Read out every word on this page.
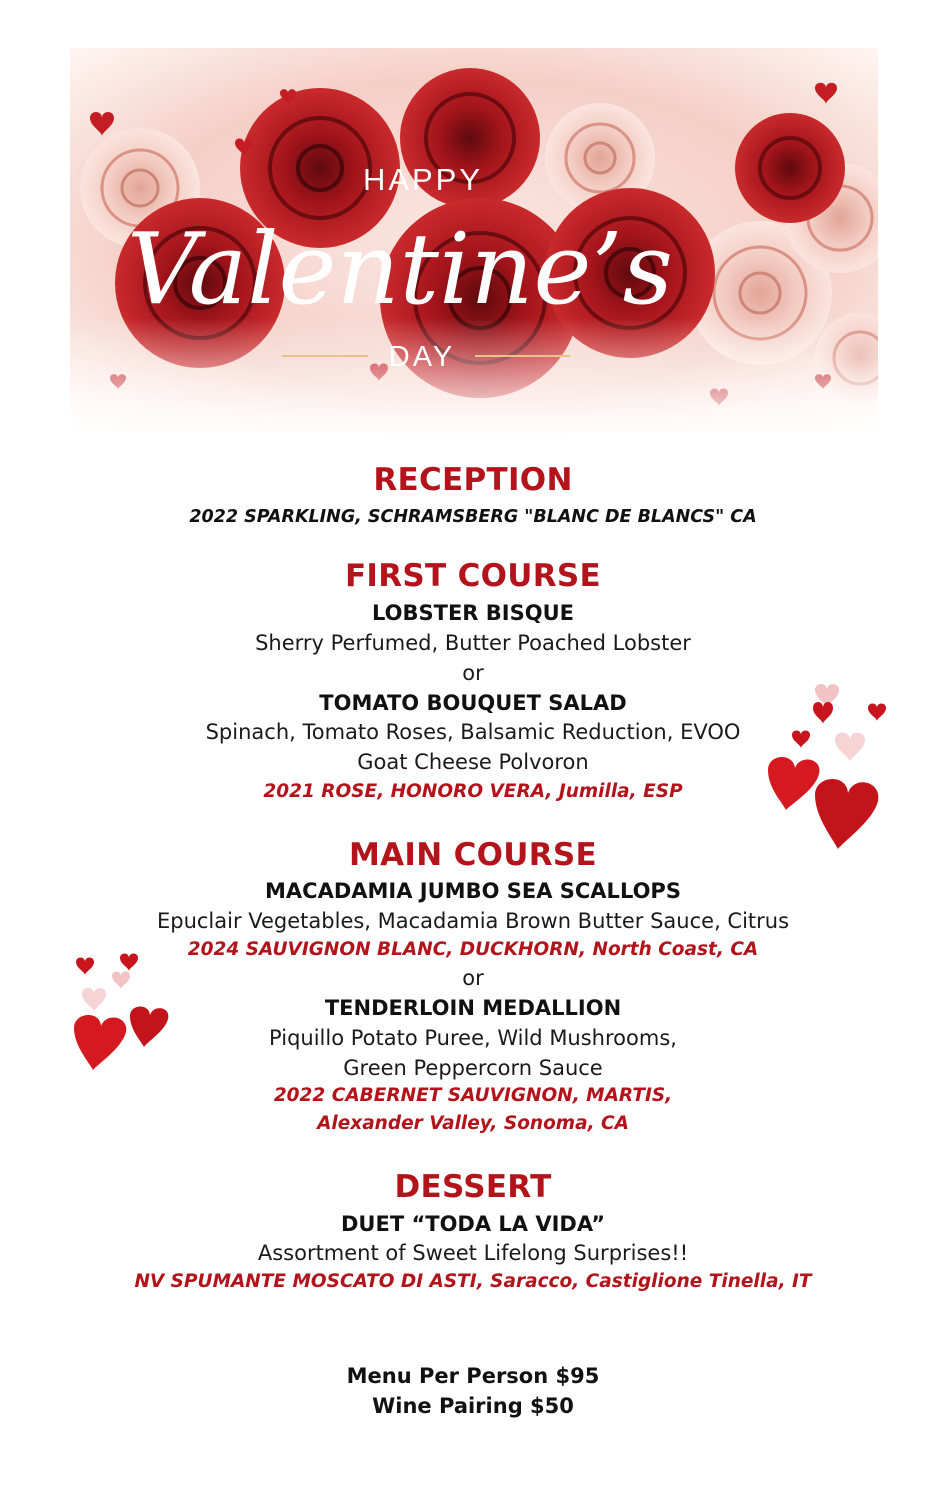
HAPPY
Valentine’s
DAY
RECEPTION
2022 SPARKLING, SCHRAMSBERG "BLANC DE BLANCS" CA
FIRST COURSE
LOBSTER BISQUE
Sherry Perfumed, Butter Poached Lobster
or
TOMATO BOUQUET SALAD
Spinach, Tomato Roses, Balsamic Reduction, EVOO
Goat Cheese Polvoron
2021 ROSE, HONORO VERA, Jumilla, ESP
MAIN COURSE
MACADAMIA JUMBO SEA SCALLOPS
Epuclair Vegetables, Macadamia Brown Butter Sauce, Citrus
2024 SAUVIGNON BLANC, DUCKHORN, North Coast, CA
or
TENDERLOIN MEDALLION
Piquillo Potato Puree, Wild Mushrooms,
Green Peppercorn Sauce
2022 CABERNET SAUVIGNON, MARTIS,
Alexander Valley, Sonoma, CA
DESSERT
DUET “TODA LA VIDA”
Assortment of Sweet Lifelong Surprises!!
NV SPUMANTE MOSCATO DI ASTI, Saracco, Castiglione Tinella, IT
Menu Per Person $95
Wine Pairing $50
